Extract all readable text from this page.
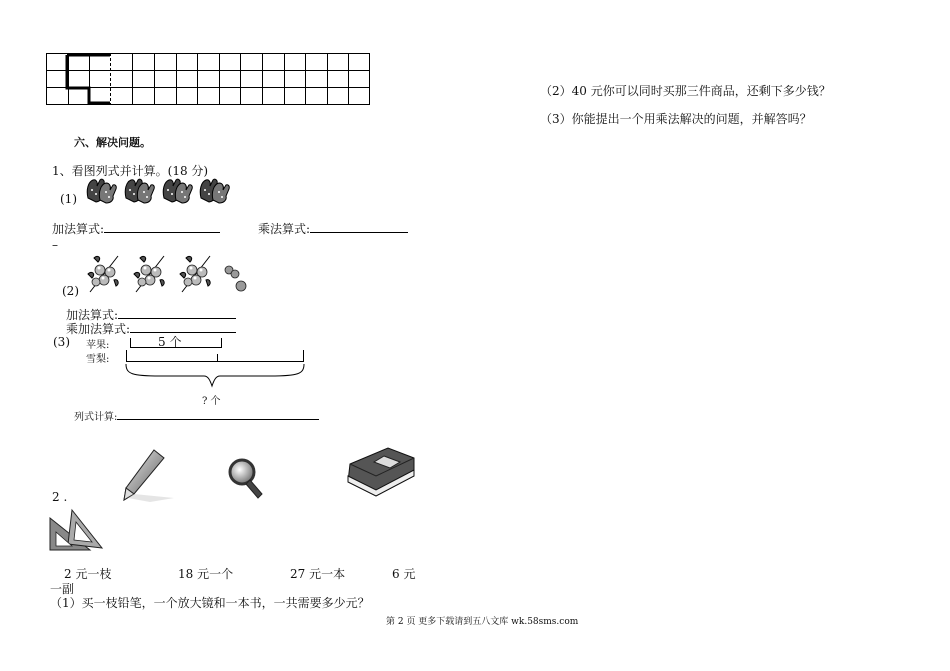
六、解决问题。
1、看图列式并计算。(18 分)
(1)

加法算式:	乘法算式:
–

(2)
加法算式:
乘加法算式:
(3) 苹果:	5 个
雪梨:
? 个
列式计算:
2 .
2 元一枝	18 元一个	27 元一本	6 元
一副
（1）买一枝铅笔，一个放大镜和一本书，一共需要多少元？
（2）40 元你可以同时买那三件商品，还剩下多少钱？
（3）你能提出一个用乘法解决的问题，并解答吗？
第 2 页 更多下载请到五八文库 wk.58sms.com
